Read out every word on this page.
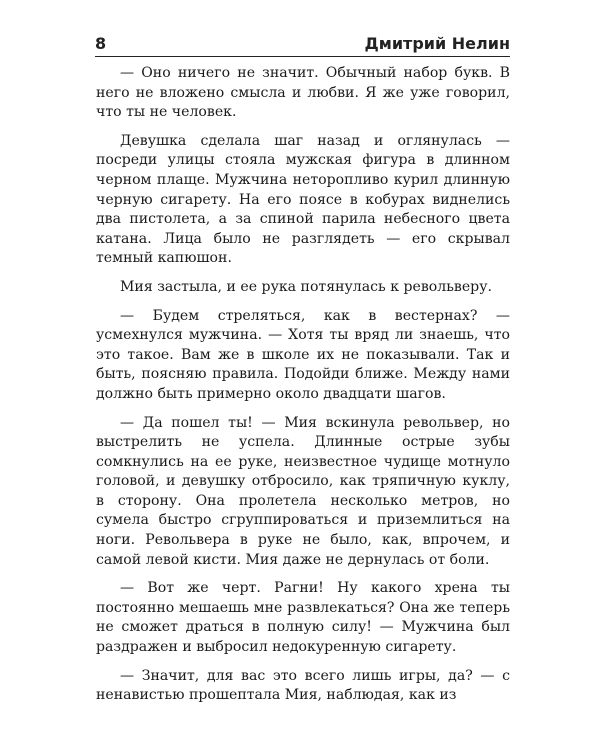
8	Дмитрий Нелин

— Оно ничего не значит. Обычный набор букв. В него не вложено смысла и любви. Я же уже говорил, что ты не человек.

Девушка сделала шаг назад и оглянулась — посреди улицы стояла мужская фигура в длинном черном плаще. Мужчина неторопливо курил длинную черную сигарету. На его поясе в кобурах виднелись два пистолета, а за спиной парила небесного цвета катана. Лица было не разглядеть — его скрывал темный капюшон.

Мия застыла, и ее рука потянулась к револьверу.

— Будем стреляться, как в вестернах? — усмехнулся мужчина. — Хотя ты вряд ли знаешь, что это такое. Вам же в школе их не показывали. Так и быть, поясняю правила. Подойди ближе. Между нами должно быть примерно около двадцати шагов.

— Да пошел ты! — Мия вскинула револьвер, но выстрелить не успела. Длинные острые зубы сомкнулись на ее руке, неизвестное чудище мотнуло головой, и девушку отбросило, как тряпичную куклу, в сторону. Она пролетела несколько метров, но сумела быстро сгруппироваться и приземлиться на ноги. Револьвера в руке не было, как, впрочем, и самой левой кисти. Мия даже не дернулась от боли.

— Вот же черт. Рагни! Ну какого хрена ты постоянно мешаешь мне развлекаться? Она же теперь не сможет драться в полную силу! — Мужчина был раздражен и выбросил недокуренную сигарету.

— Значит, для вас это всего лишь игры, да? — с ненавистью прошептала Мия, наблюдая, как из
